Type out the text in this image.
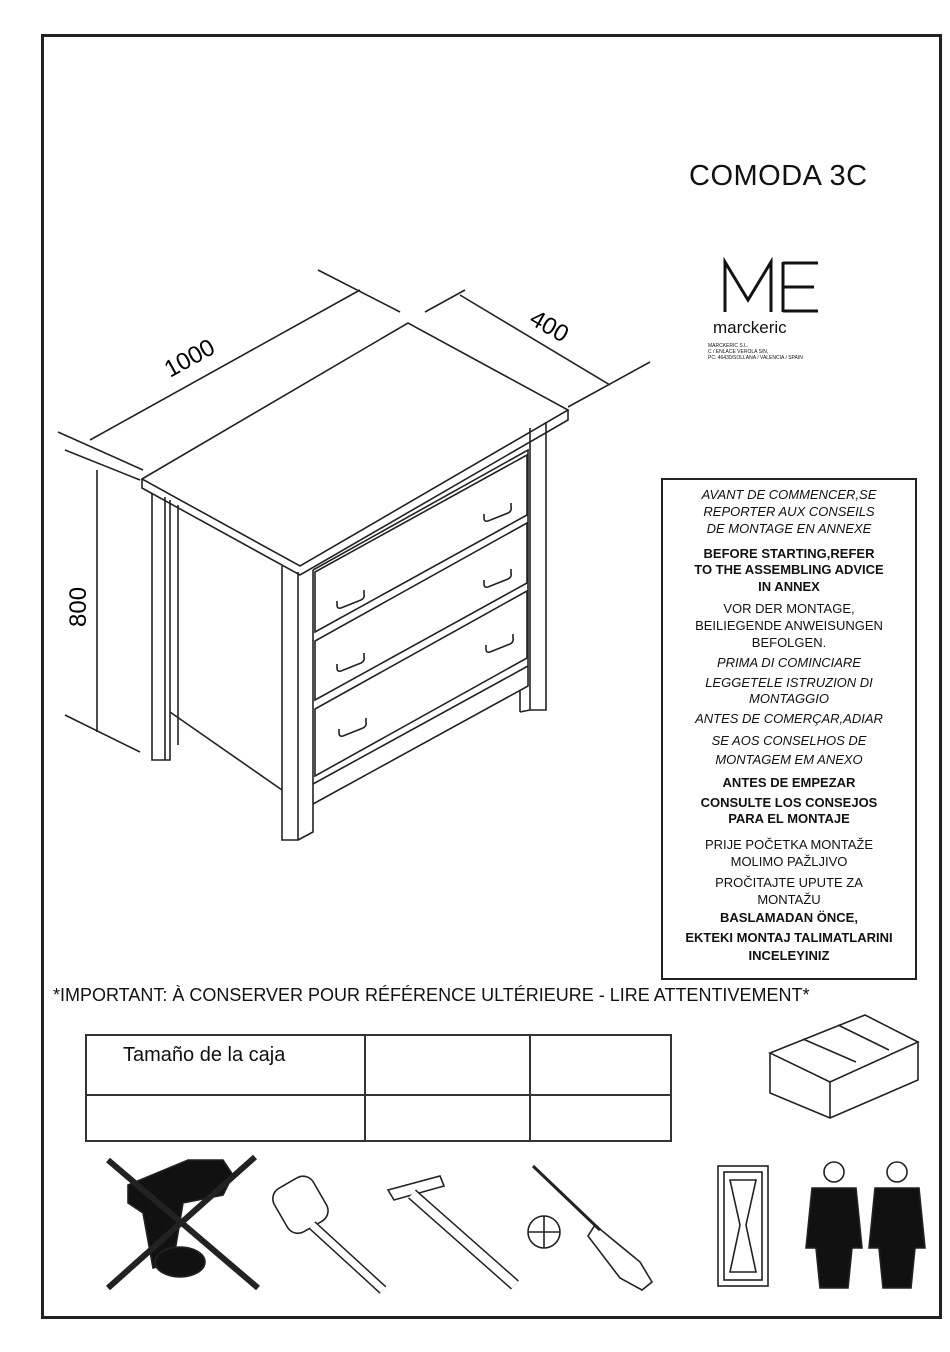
COMODA 3C
marckeric
MARCKERIC S.L.
C / ENLACE VEROLA S/N,
PC: 46430/SOLLANA / VALENCIA / SPAIN
1000
400
800
AVANT DE COMMENCER,SE
REPORTER AUX CONSEILS
DE MONTAGE EN ANNEXE
BEFORE STARTING,REFER
TO THE ASSEMBLING ADVICE
IN ANNEX
VOR DER MONTAGE,
BEILIEGENDE ANWEISUNGEN
BEFOLGEN.
PRIMA DI COMINCIARE
LEGGETELE ISTRUZION DI
MONTAGGIO
ANTES DE COMERÇAR,ADIAR
SE AOS CONSELHOS DE
MONTAGEM EM ANEXO
ANTES DE EMPEZAR
CONSULTE LOS CONSEJOS
PARA EL MONTAJE
PRIJE POČETKA MONTAŽE
MOLIMO PAŽLJIVO
PROČITAJTE UPUTE ZA
MONTAŽU
BASLAMADAN ÖNCE,
EKTEKI MONTAJ TALIMATLARINI
INCELEYINIZ
*IMPORTANT: À CONSERVER POUR RÉFÉRENCE ULTÉRIEURE - LIRE ATTENTIVEMENT*
Tamaño de la caja		
